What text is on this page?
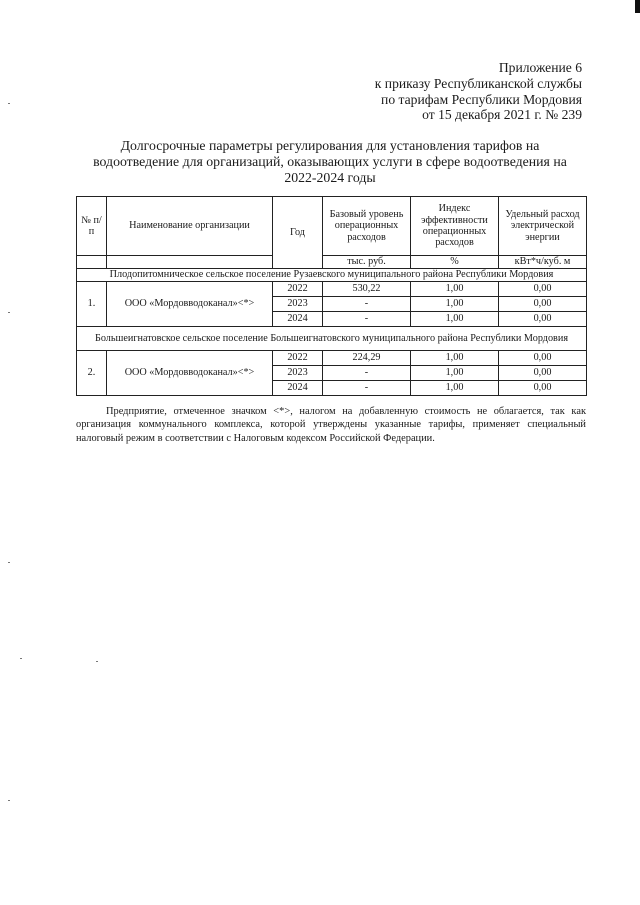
Приложение 6
к приказу Республиканской службы
по тарифам Республики Мордовия
от 15 декабря 2021 г. № 239
Долгосрочные параметры регулирования для установления тарифов на
водоотведение для организаций, оказывающих услуги в сфере водоотведения на
2022-2024 годы
№ п/п	Наименование организации	Год	Базовый уровень операционных расходов	Индекс эффективности операционных расходов	Удельный расход электрической энергии
			тыс. руб.	%	кВт*ч/куб. м
Плодопитомническое сельское поселение Рузаевского муниципального района Республики Мордовия					
1.	ООО «Мордовводоканал»<*>	2022	530,22	1,00	0,00
		2023	-	1,00	0,00
		2024	-	1,00	0,00
Большеигнатовское сельское поселение Большеигнатовского муниципального района Республики Мордовия					
2.	ООО «Мордовводоканал»<*>	2022	224,29	1,00	0,00
		2023	-	1,00	0,00
		2024	-	1,00	0,00
Предприятие, отмеченное значком <*>, налогом на добавленную стоимость не облагается, так как организация коммунального комплекса, которой утверждены указанные тарифы, применяет специальный налоговый режим в соответствии с Налоговым кодексом Российской Федерации.
